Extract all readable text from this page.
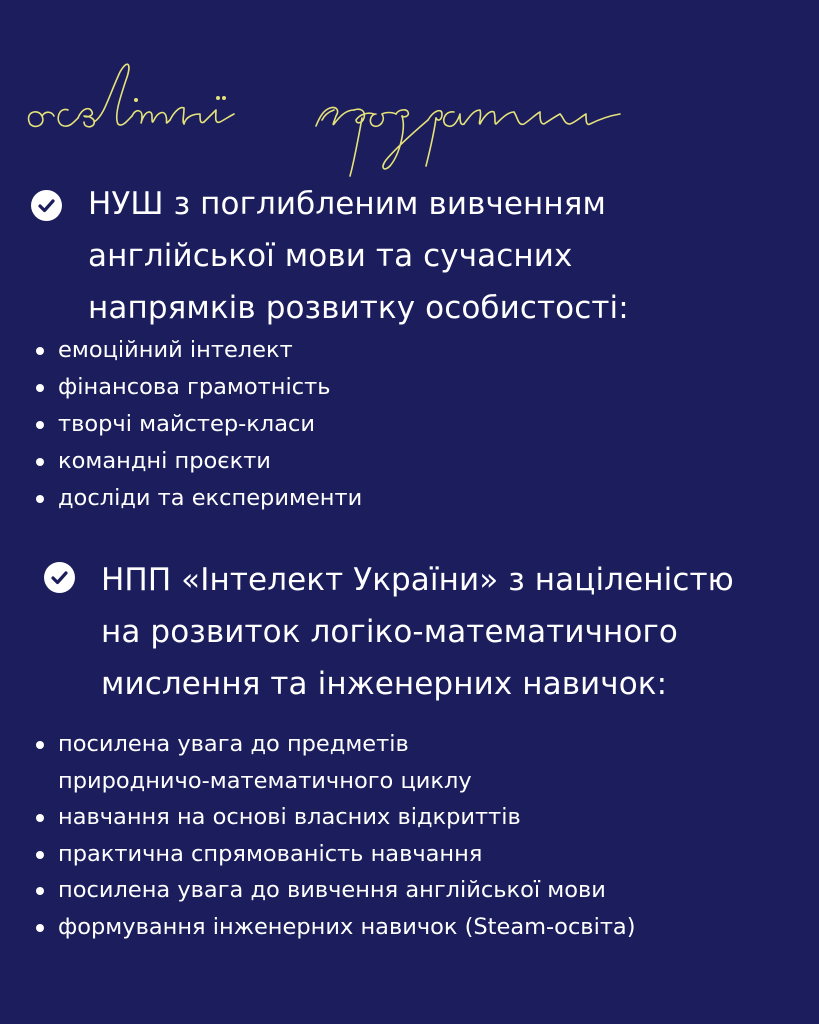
НУШ з поглибленим вивченням
англійської мови та сучасних
напрямків розвитку особистості:
емоційний інтелект
фінансова грамотність
творчі майстер-класи
командні проєкти
досліди та експерименти
НПП «Інтелект України» з націленістю
на розвиток логіко-математичного
мислення та інженерних навичок:
посилена увага до предметів
природничо-математичного циклу
навчання на основі власних відкриттів
практична спрямованість навчання
посилена увага до вивчення англійської мови
формування інженерних навичок (Steam-освіта)
